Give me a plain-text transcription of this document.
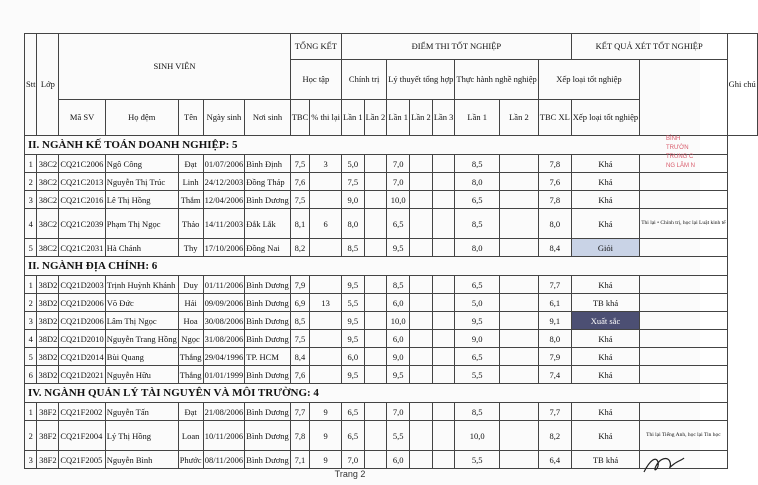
Stt	Lớp	SINH VIÊN					TỔNG KẾT		ĐIỂM THI TỐT NGHIỆP								KẾT QUẢ XÉT TỐT NGHIỆP		Ghi chú
							Học tập		Chính trị		Lý thuyết tổng hợp			Thực hành nghề nghiệp		Xếp loại tốt nghiệp			
		Mã SV	Họ đệm	Tên	Ngày sinh	Nơi sinh	TBC	% thi lại	Lần 1	Lần 2	Lần 1	Lần 2	Lần 3	Lần 1	Lần 2	TBC XL	Xếp loại tốt nghiệp		
II. NGÀNH KẾ TOÁN DOANH NGHIỆP: 5																			
1	38C2	CQ21C2006	Ngô Công	Đạt	01/07/2006	Bình Định	7,5	3	5,0		7,0			8,5		7,8	Khá		
2	38C2	CQ21C2013	Nguyễn Thị Trúc	Linh	24/12/2003	Đồng Tháp	7,6		7,5		7,0			8,0		7,6	Khá		
3	38C2	CQ21C2016	Lê Thị Hồng	Thắm	12/04/2006	Bình Dương	7,5		9,0		10,0			6,5		7,8	Khá		
4	38C2	CQ21C2039	Phạm Thị Ngọc	Thảo	14/11/2003	Đắk Lắk	8,1	6	8,0		6,5			8,5		8,0	Khá	Thi lại • Chính trị, học lại Luật kinh tế	
5	38C2	CQ21C2031	Hà Chánh	Thy	17/10/2006	Đồng Nai	8,2		8,5		9,5			8,0		8,4	Giỏi		
II. NGÀNH ĐỊA CHÍNH: 6																			
1	38D2	CQ21D2003	Trịnh Huỳnh Khánh	Duy	01/11/2006	Bình Dương	7,9		9,5		8,5			6,5		7,7	Khá		
2	38D2	CQ21D2006	Võ Đức	Hải	09/09/2006	Bình Dương	6,9	13	5,5		6,0			5,0		6,1	TB khá		
3	38D2	CQ21D2006	Lâm Thị Ngọc	Hoa	30/08/2006	Bình Dương	8,5		9,5		10,0			9,5		9,1	Xuất sắc		
4	38D2	CQ21D2010	Nguyễn Trang Hồng	Ngọc	31/08/2006	Bình Dương	7,5		9,5		6,0			9,0		8,0	Khá		
5	38D2	CQ21D2014	Bùi Quang	Thắng	29/04/1996	TP. HCM	8,4		6,0		9,0			6,5		7,9	Khá		
6	38D2	CQ21D2021	Nguyễn Hữu	Thắng	01/01/1999	Bình Dương	7,6		9,5		9,5			5,5		7,4	Khá		
IV. NGÀNH QUẢN LÝ TÀI NGUYÊN VÀ MÔI TRƯỜNG: 4																			
1	38F2	CQ21F2002	Nguyễn Tấn	Đạt	21/08/2006	Bình Dương	7,7	9	6,5		7,0			8,5		7,7	Khá		
2	38F2	CQ21F2004	Lý Thị Hồng	Loan	10/11/2006	Bình Dương	7,8	9	6,5		5,5			10,0		8,2	Khá	Thi lại Tiếng Anh, học lại Tin học	
3	38F2	CQ21F2005	Nguyễn Bình	Phước	08/11/2006	Bình Dương	7,1	9	7,0		6,0			5,5		6,4	TB khá		
BÌNH
TRƯỜN
TRUNG C
NG LÂM N
Trang 2
